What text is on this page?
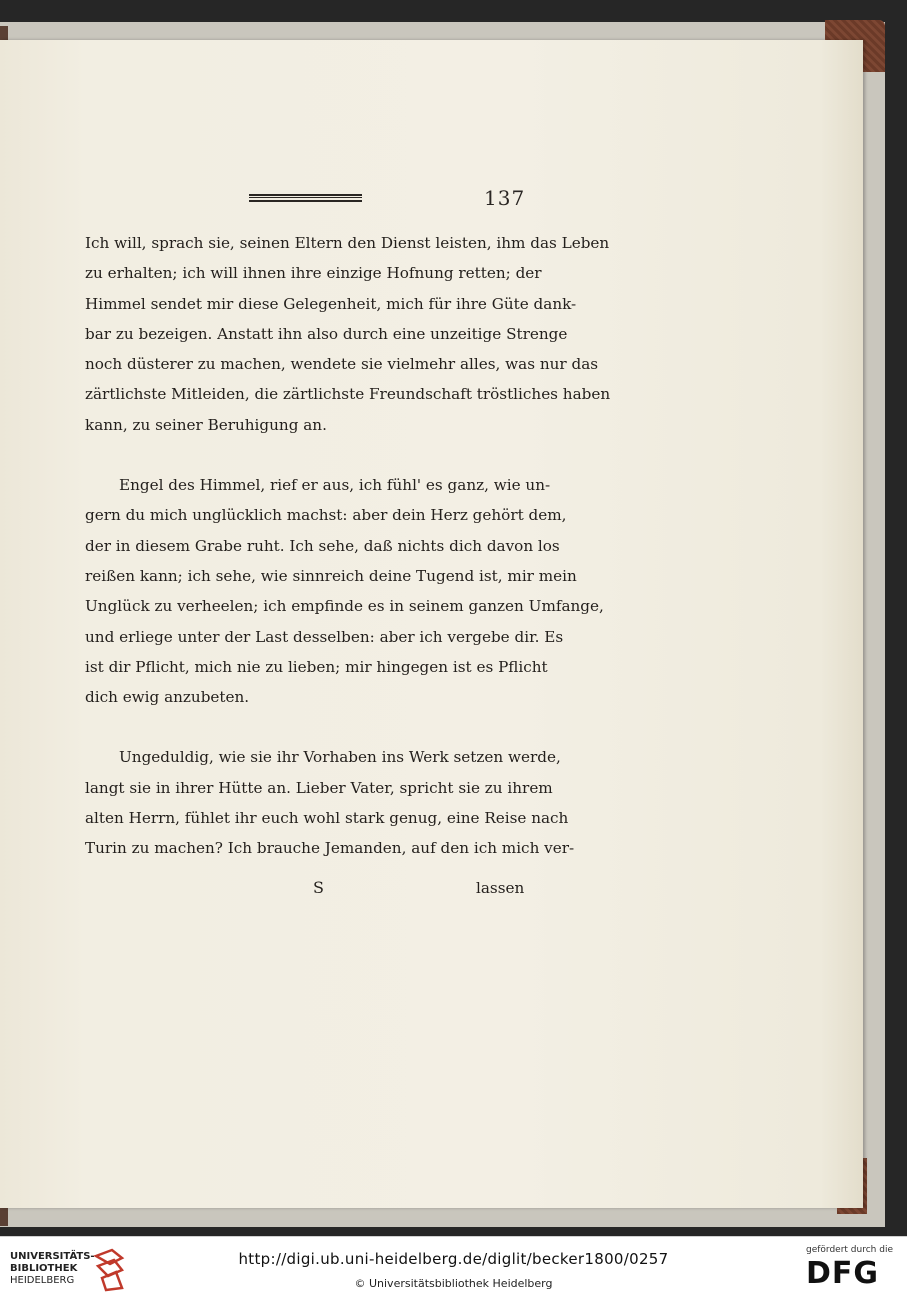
137
Ich will, sprach sie, seinen Eltern den Dienst leisten, ihm das Leben
zu erhalten; ich will ihnen ihre einzige Hofnung retten; der
Himmel sendet mir diese Gelegenheit, mich für ihre Güte dank-
bar zu bezeigen. Anstatt ihn also durch eine unzeitige Strenge
noch düsterer zu machen, wendete sie vielmehr alles, was nur das
zärtlichste Mitleiden, die zärtlichste Freundschaft tröstliches haben
kann, zu seiner Beruhigung an.
Engel des Himmel, rief er aus, ich fühl' es ganz, wie un-
gern du mich unglücklich machst: aber dein Herz gehört dem,
der in diesem Grabe ruht. Ich sehe, daß nichts dich davon los
reißen kann; ich sehe, wie sinnreich deine Tugend ist, mir mein
Unglück zu verheelen; ich empfinde es in seinem ganzen Umfange,
und erliege unter der Last desselben: aber ich vergebe dir. Es
ist dir Pflicht, mich nie zu lieben; mir hingegen ist es Pflicht
dich ewig anzubeten.
Ungeduldig, wie sie ihr Vorhaben ins Werk setzen werde,
langt sie in ihrer Hütte an. Lieber Vater, spricht sie zu ihrem
alten Herrn, fühlet ihr euch wohl stark genug, eine Reise nach
Turin zu machen? Ich brauche Jemanden, auf den ich mich ver-
S	lassen
UNIVERSITÄTS-
BIBLIOTHEK
HEIDELBERG
http://digi.ub.uni-heidelberg.de/diglit/becker1800/0257
© Universitätsbibliothek Heidelberg
gefördert durch die
DFG
